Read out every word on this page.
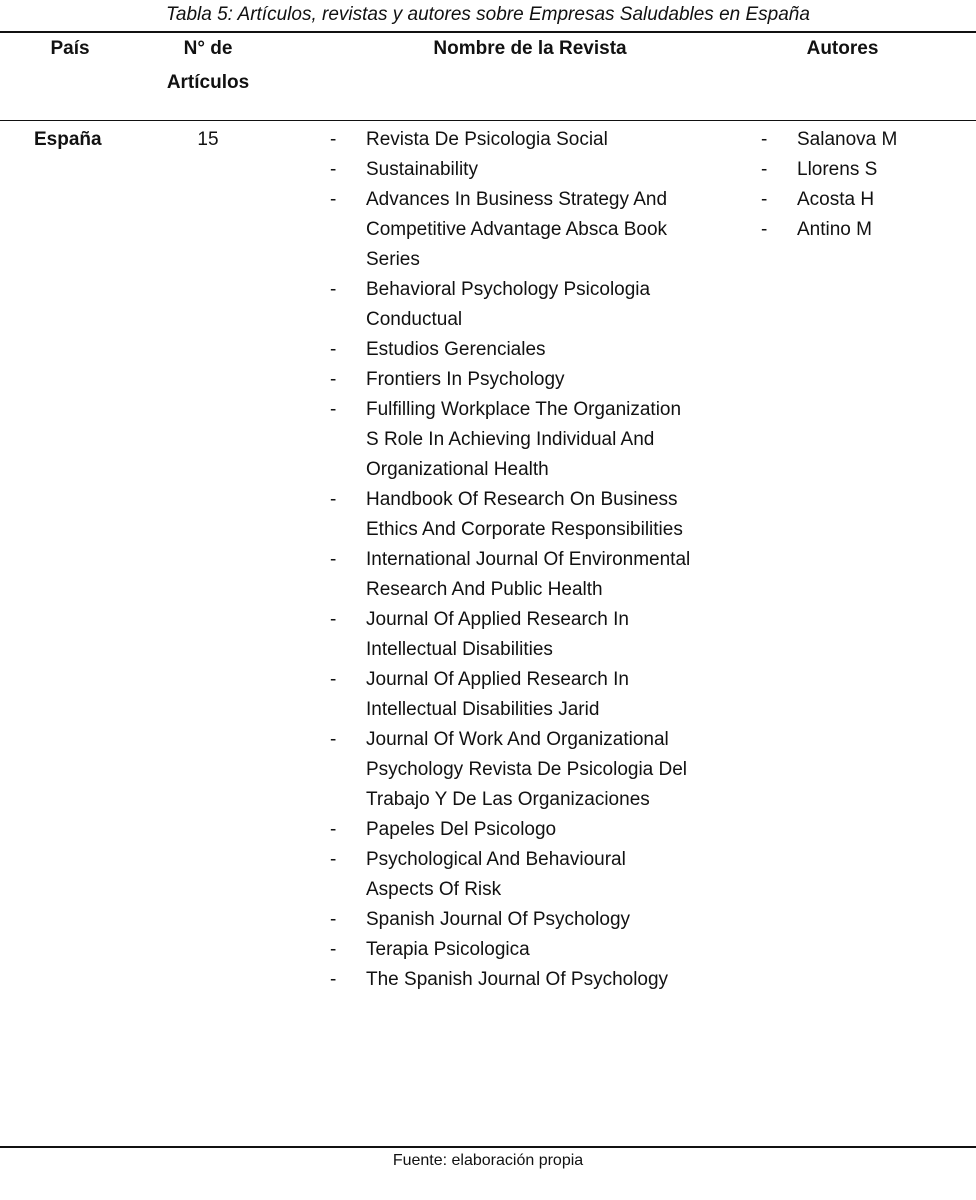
Tabla 5: Artículos, revistas y autores sobre Empresas Saludables en España
País	N° de
Artículos
Nombre de la Revista	Autores
España	15
-	Revista De Psicologia Social
- Sustainability
- Advances In Business Strategy And Competitive Advantage Absca Book Series
- Behavioral Psychology Psicologia Conductual
- Estudios Gerenciales
- Frontiers In Psychology
- Fulfilling Workplace The Organization S Role In Achieving Individual And Organizational Health
- Handbook Of Research On Business Ethics And Corporate Responsibilities
- International Journal Of Environmental Research And Public Health
- Journal Of Applied Research In Intellectual Disabilities
- Journal Of Applied Research In Intellectual Disabilities Jarid
- Journal Of Work And Organizational Psychology Revista De Psicologia Del Trabajo Y De Las Organizaciones
- Papeles Del Psicologo
- Psychological And Behavioural Aspects Of Risk
- Spanish Journal Of Psychology
- Terapia Psicologica
- The Spanish Journal Of Psychology
- Salanova M
- Llorens S
- Acosta H
- Antino M
Fuente: elaboración propia
